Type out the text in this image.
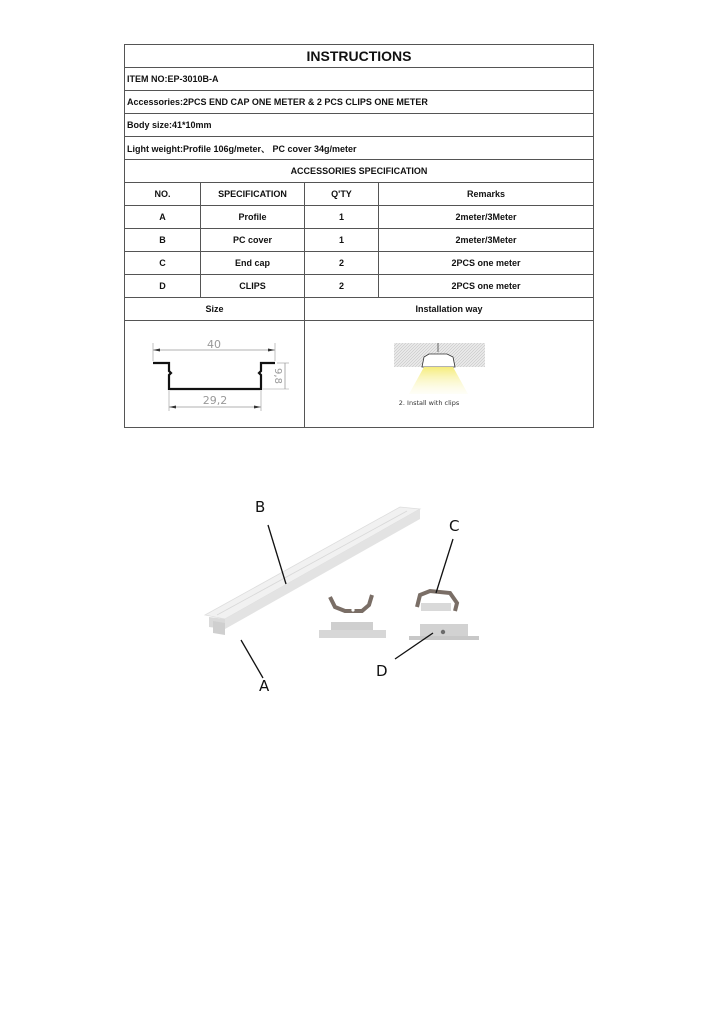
INSTRUCTIONS
ITEM NO:EP-3010B-A
Accessories:2PCS END CAP ONE METER & 2 PCS CLIPS ONE METER
Body size:41*10mm
Light weight:Profile 106g/meter、 PC cover 34g/meter
ACCESSORIES SPECIFICATION
NO.	SPECIFICATION	Q'TY	Remarks
A	Profile	1	2meter/3Meter
B	PC cover	1	2meter/3Meter
C	End cap	2	2PCS one meter
D	CLIPS	2	2PCS one meter
Size	Installation way
40
9,8
29,2	2. Install with clips
B
A
C
D
